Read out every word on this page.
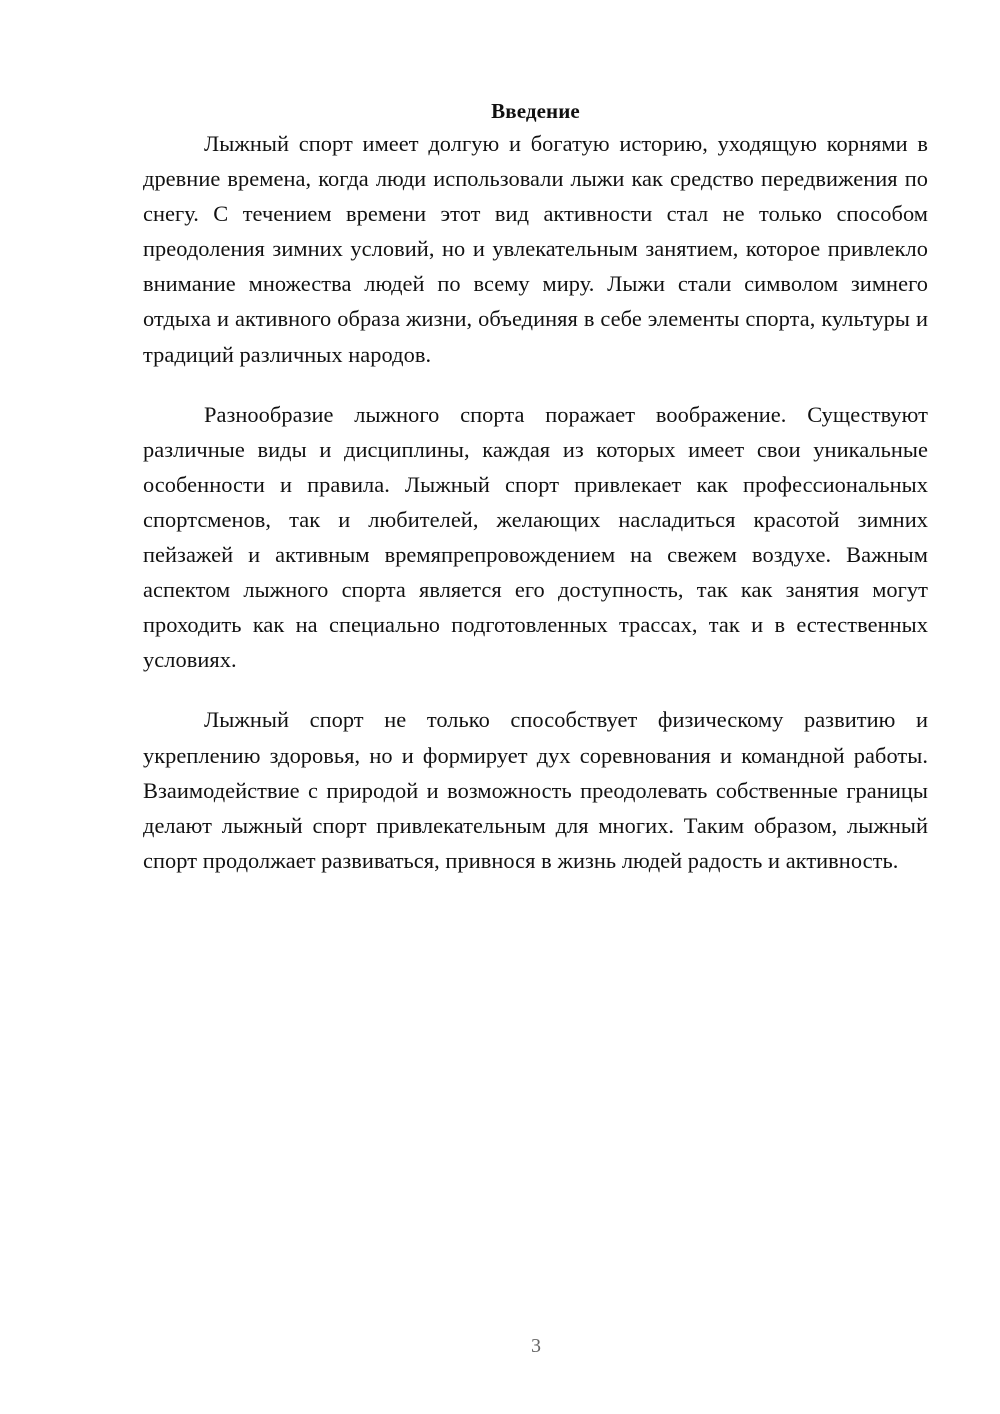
Введение

Лыжный спорт имеет долгую и богатую историю, уходящую корнями в древние времена, когда люди использовали лыжи как средство передвижения по снегу. С течением времени этот вид активности стал не только способом преодоления зимних условий, но и увлекательным занятием, которое привлекло внимание множества людей по всему миру. Лыжи стали символом зимнего отдыха и активного образа жизни, объединяя в себе элементы спорта, культуры и традиций различных народов.

Разнообразие лыжного спорта поражает воображение. Существуют различные виды и дисциплины, каждая из которых имеет свои уникальные особенности и правила. Лыжный спорт привлекает как профессиональных спортсменов, так и любителей, желающих насладиться красотой зимних пейзажей и активным времяпрепровождением на свежем воздухе. Важным аспектом лыжного спорта является его доступность, так как занятия могут проходить как на специально подготовленных трассах, так и в естественных условиях.

Лыжный спорт не только способствует физическому развитию и укреплению здоровья, но и формирует дух соревнования и командной работы. Взаимодействие с природой и возможность преодолевать собственные границы делают лыжный спорт привлекательным для многих. Таким образом, лыжный спорт продолжает развиваться, привнося в жизнь людей радость и активность.

3
